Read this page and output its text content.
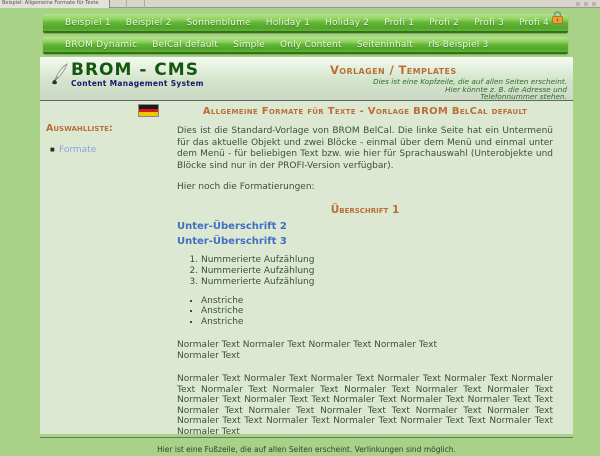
Beispiel: Allgemeine Formate für Texte
Beispiel 1 Beispiel 2 Sonnenblume Holiday 1 Holiday 2 Profi 1 Profi 2 Profi 3 Profi 4
BROM Dynamic BelCal default Simple Only Content Seiteninhalt rls-Beispiel 3
BROM - CMS
Content Management System
Vorlagen / Templates
Dies ist eine Kopfzeile, die auf allen Seiten erscheint.
Hier könnte z. B. die Adresse und
Telefonnummer stehen.
Auswahlliste:
■ Formate
Allgemeine Formate für Texte - Vorlage BROM BelCal default

Dies ist die Standard-Vorlage von BROM BelCal. Die linke Seite hat ein Untermenü für das aktuelle Objekt und zwei Blöcke - einmal über dem Menü und einmal unter dem Menü - für beliebigen Text bzw. wie hier für Sprachauswahl (Unterobjekte und Blöcke sind nur in der PROFI-Version verfügbar).

Hier noch die Formatierungen:

Überschrift 1
Unter-Überschrift 2
Unter-Überschrift 3
1. Nummerierte Aufzählung
2. Nummerierte Aufzählung
3. Nummerierte Aufzählung
▪ Anstriche
▪ Anstriche
▪ Anstriche

Normaler Text Normaler Text Normaler Text Normaler Text
Normaler Text

Normaler Text Normaler Text Normaler Text Normaler Text Normaler Text Normaler Text Normaler Text Normaler Text Normaler Text Normaler Text Normaler Text Normaler Text Normaler Text Text Normaler Text Normaler Text Normaler Text Text Normaler Text Normaler Text Normaler Text Text Normaler Text Normaler Text Normaler Text Text Normaler Text Normaler Text Normaler Text Text Normaler Text Normaler Text

Hier ist eine Fußzeile, die auf allen Seiten erscheint. Verlinkungen sind möglich.
